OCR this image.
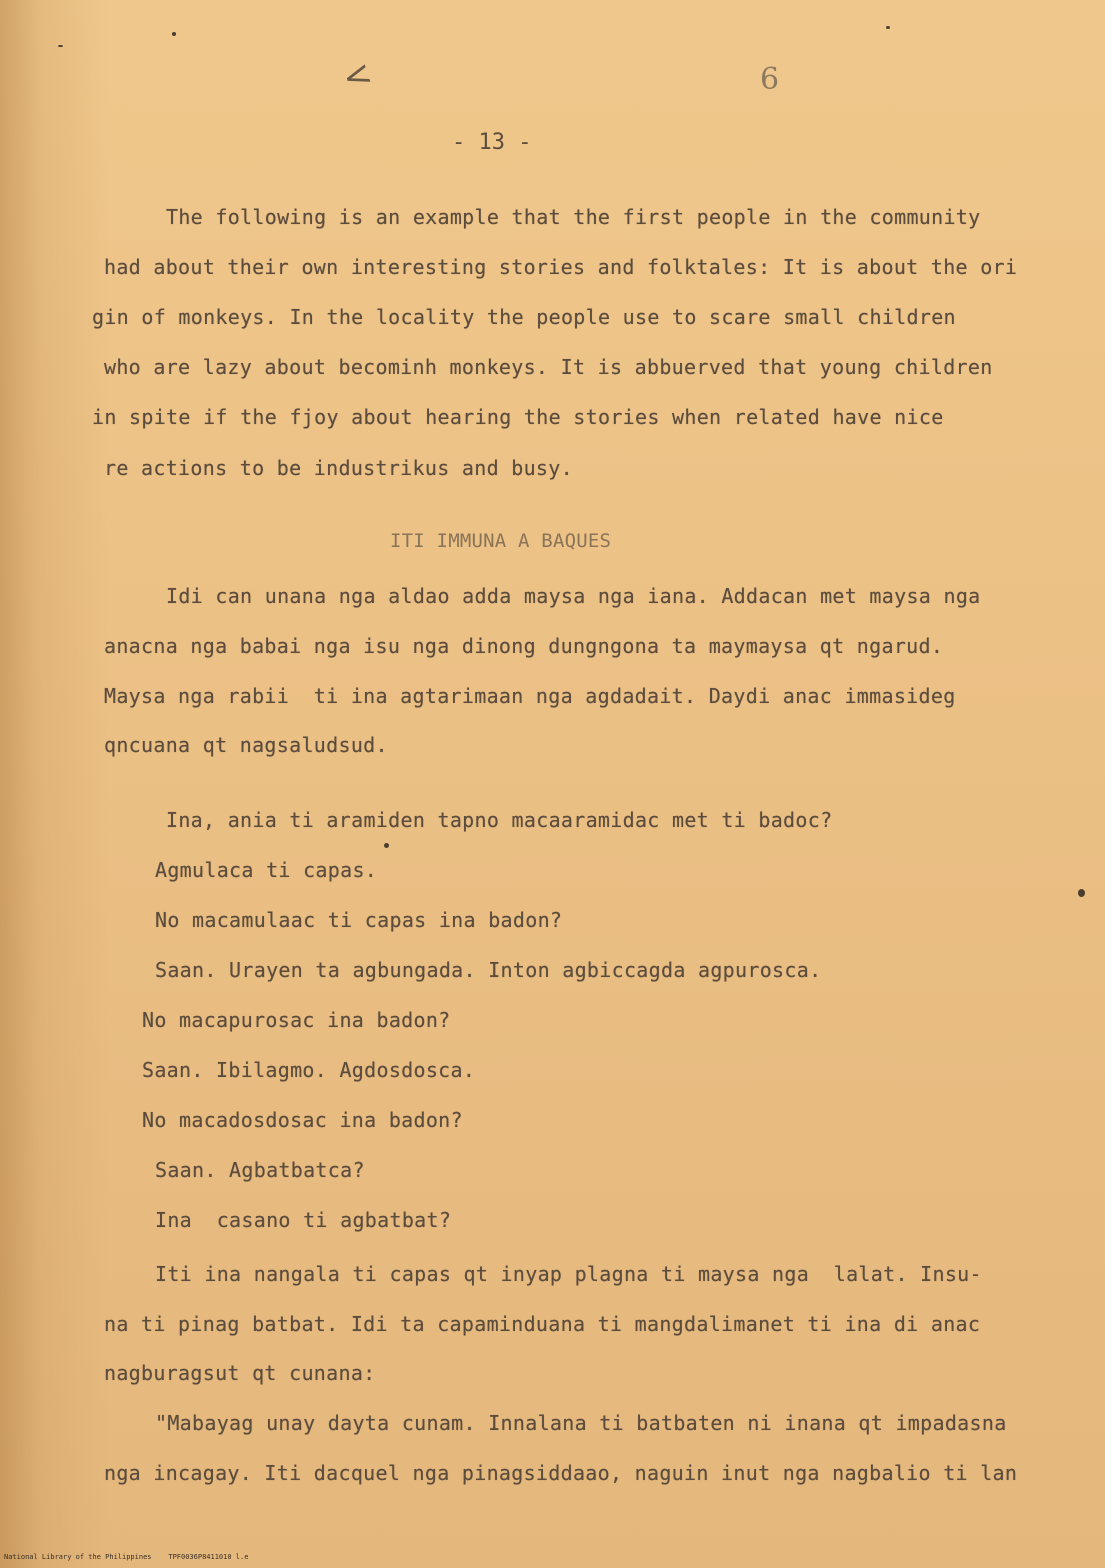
<	6
- 13 -
The following is an example that the first people in the community
had about their own interesting stories and folktales: It is about the ori
gin of monkeys. In the locality the people use to scare small children
who are lazy about becominh monkeys. It is abbuerved that young children
in spite if the fjoy about hearing the stories when related have nice
re actions to be industrikus and busy.
ITI IMMUNA A BAQUES
Idi can unana nga aldao adda maysa nga iana. Addacan met maysa nga
anacna nga babai nga isu nga dinong dungngona ta maymaysa qt ngarud.
Maysa nga rabii  ti ina agtarimaan nga agdadait. Daydi anac immasideg
qncuana qt nagsaludsud.
Ina, ania ti aramiden tapno macaaramidac met ti badoc?
Agmulaca ti capas.
No macamulaac ti capas ina badon?
Saan. Urayen ta agbungada. Inton agbiccagda agpurosca.
No macapurosac ina badon?
Saan. Ibilagmo. Agdosdosca.
No macadosdosac ina badon?
Saan. Agbatbatca?
Ina  casano ti agbatbat?
Iti ina nangala ti capas qt inyap plagna ti maysa nga  lalat. Insu-
na ti pinag batbat. Idi ta capaminduana ti mangdalimanet ti ina di anac
nagburagsut qt cunana:
"Mabayag unay dayta cunam. Innalana ti batbaten ni inana qt impadasna
nga incagay. Iti dacquel nga pinagsiddaao, naguin inut nga nagbalio ti lan
National Library of the Philippines    TPF0036P8411010 l.e
